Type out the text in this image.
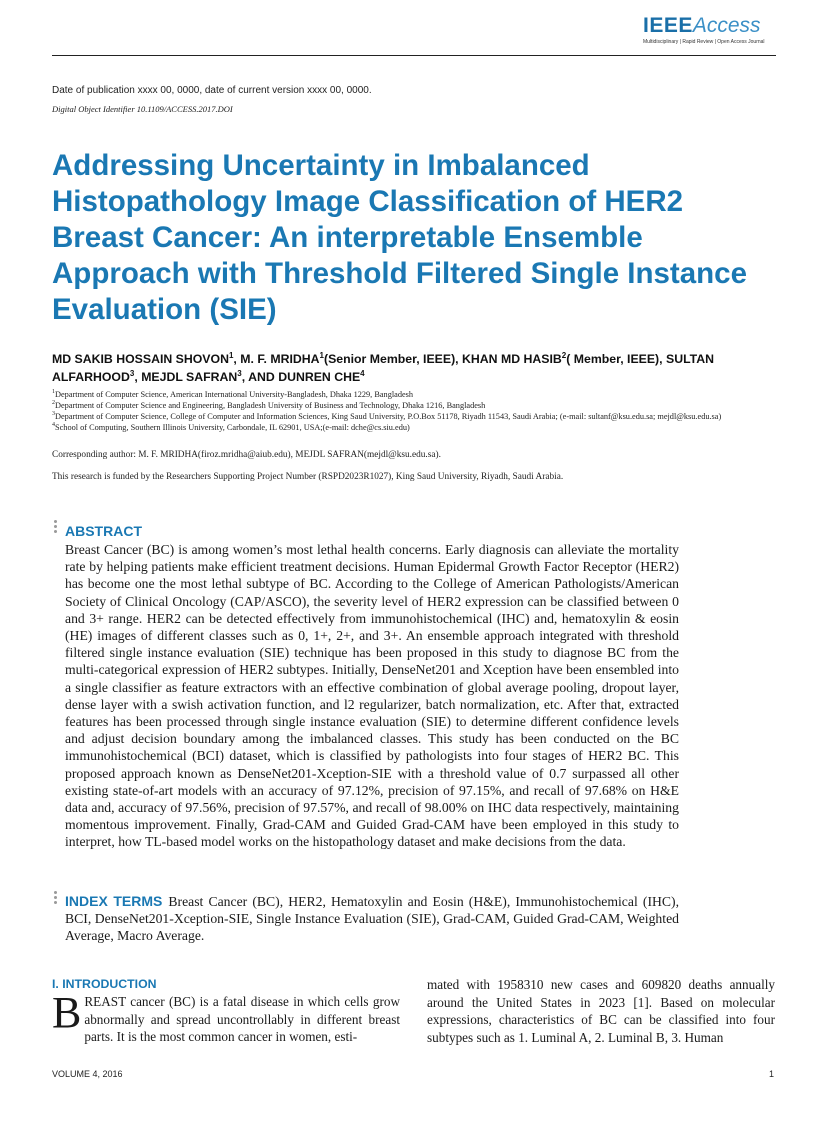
IEEEAccess
Multidisciplinary | Rapid Review | Open Access Journal
Date of publication xxxx 00, 0000, date of current version xxxx 00, 0000.
Digital Object Identifier 10.1109/ACCESS.2017.DOI
Addressing Uncertainty in Imbalanced Histopathology Image Classification of HER2 Breast Cancer: An interpretable Ensemble Approach with Threshold Filtered Single Instance Evaluation (SIE)
MD SAKIB HOSSAIN SHOVON$^1$, M. F. MRIDHA$^1$(Senior Member, IEEE), KHAN MD HASIB$^2$( Member, IEEE), SULTAN ALFARHOOD$^3$, MEJDL SAFRAN$^3$, AND DUNREN CHE$^4$
$^1$Department of Computer Science, American International University-Bangladesh, Dhaka 1229, Bangladesh
$^2$Department of Computer Science and Engineering, Bangladesh University of Business and Technology, Dhaka 1216, Bangladesh
$^3$Department of Computer Science, College of Computer and Information Sciences, King Saud University, P.O.Box 51178, Riyadh 11543, Saudi Arabia; (e-mail: sultanf@ksu.edu.sa; mejdl@ksu.edu.sa)
$^4$School of Computing, Southern Illinois University, Carbondale, IL 62901, USA;(e-mail: dche@cs.siu.edu)
Corresponding author: M. F. MRIDHA(firoz.mridha@aiub.edu), MEJDL SAFRAN(mejdl@ksu.edu.sa).
This research is funded by the Researchers Supporting Project Number (RSPD2023R1027), King Saud University, Riyadh, Saudi Arabia.
ABSTRACT
Breast Cancer (BC) is among women’s most lethal health concerns. Early diagnosis can alleviate the mortality rate by helping patients make efficient treatment decisions. Human Epidermal Growth Factor Receptor (HER2) has become one the most lethal subtype of BC. According to the College of American Pathologists/American Society of Clinical Oncology (CAP/ASCO), the severity level of HER2 expression can be classified between 0 and 3+ range. HER2 can be detected effectively from immunohistochemical (IHC) and, hematoxylin & eosin (HE) images of different classes such as 0, 1+, 2+, and 3+. An ensemble approach integrated with threshold filtered single instance evaluation (SIE) technique has been proposed in this study to diagnose BC from the multi-categorical expression of HER2 subtypes. Initially, DenseNet201 and Xception have been ensembled into a single classifier as feature extractors with an effective combination of global average pooling, dropout layer, dense layer with a swish activation function, and l2 regularizer, batch normalization, etc. After that, extracted features has been processed through single instance evaluation (SIE) to determine different confidence levels and adjust decision boundary among the imbalanced classes. This study has been conducted on the BC immunohistochemical (BCI) dataset, which is classified by pathologists into four stages of HER2 BC. This proposed approach known as DenseNet201-Xception-SIE with a threshold value of 0.7 surpassed all other existing state-of-art models with an accuracy of 97.12%, precision of 97.15%, and recall of 97.68% on H&E data and, accuracy of 97.56%, precision of 97.57%, and recall of 98.00% on IHC data respectively, maintaining momentous improvement. Finally, Grad-CAM and Guided Grad-CAM have been employed in this study to interpret, how TL-based model works on the histopathology dataset and make decisions from the data.
INDEX TERMS Breast Cancer (BC), HER2, Hematoxylin and Eosin (H&E), Immunohistochemical (IHC), BCI, DenseNet201-Xception-SIE, Single Instance Evaluation (SIE), Grad-CAM, Guided Grad-CAM, Weighted Average, Macro Average.
I. INTRODUCTION
BREAST cancer (BC) is a fatal disease in which cells grow abnormally and spread uncontrollably in different breast parts. It is the most common cancer in women, esti-
mated with 1958310 new cases and 609820 deaths annually around the United States in 2023 [1]. Based on molecular expressions, characteristics of BC can be classified into four subtypes such as 1. Luminal A, 2. Luminal B, 3. Human
VOLUME 4, 2016	1
